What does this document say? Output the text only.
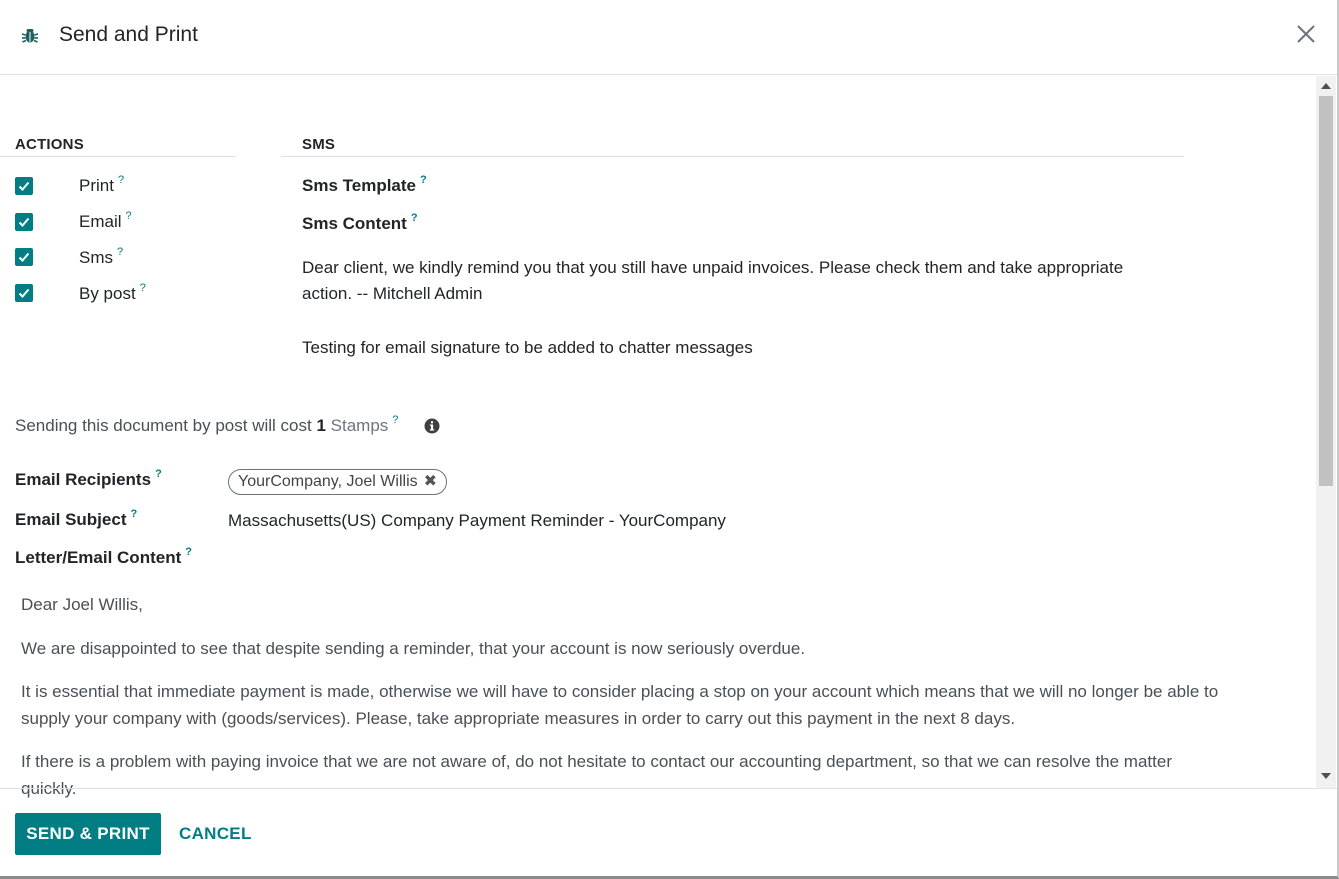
Send and Print
ACTIONS
Print ?
Email ?
Sms ?
By post ?
SMS
Sms Template ?
Sms Content ?
Dear client, we kindly remind you that you still have unpaid invoices. Please check them and take appropriate
action. -- Mitchell Admin
Testing for email signature to be added to chatter messages
Sending this document by post will cost 1 Stamps ?
Email Recipients ?	YourCompany, Joel Willis ✖
Email Subject ?	Massachusetts(US) Company Payment Reminder - YourCompany
Letter/Email Content ?
Dear Joel Willis,
We are disappointed to see that despite sending a reminder, that your account is now seriously overdue.
It is essential that immediate payment is made, otherwise we will have to consider placing a stop on your account which means that we will no longer be able to
supply your company with (goods/services). Please, take appropriate measures in order to carry out this payment in the next 8 days.
If there is a problem with paying invoice that we are not aware of, do not hesitate to contact our accounting department, so that we can resolve the matter
quickly.
SEND & PRINT	CANCEL
